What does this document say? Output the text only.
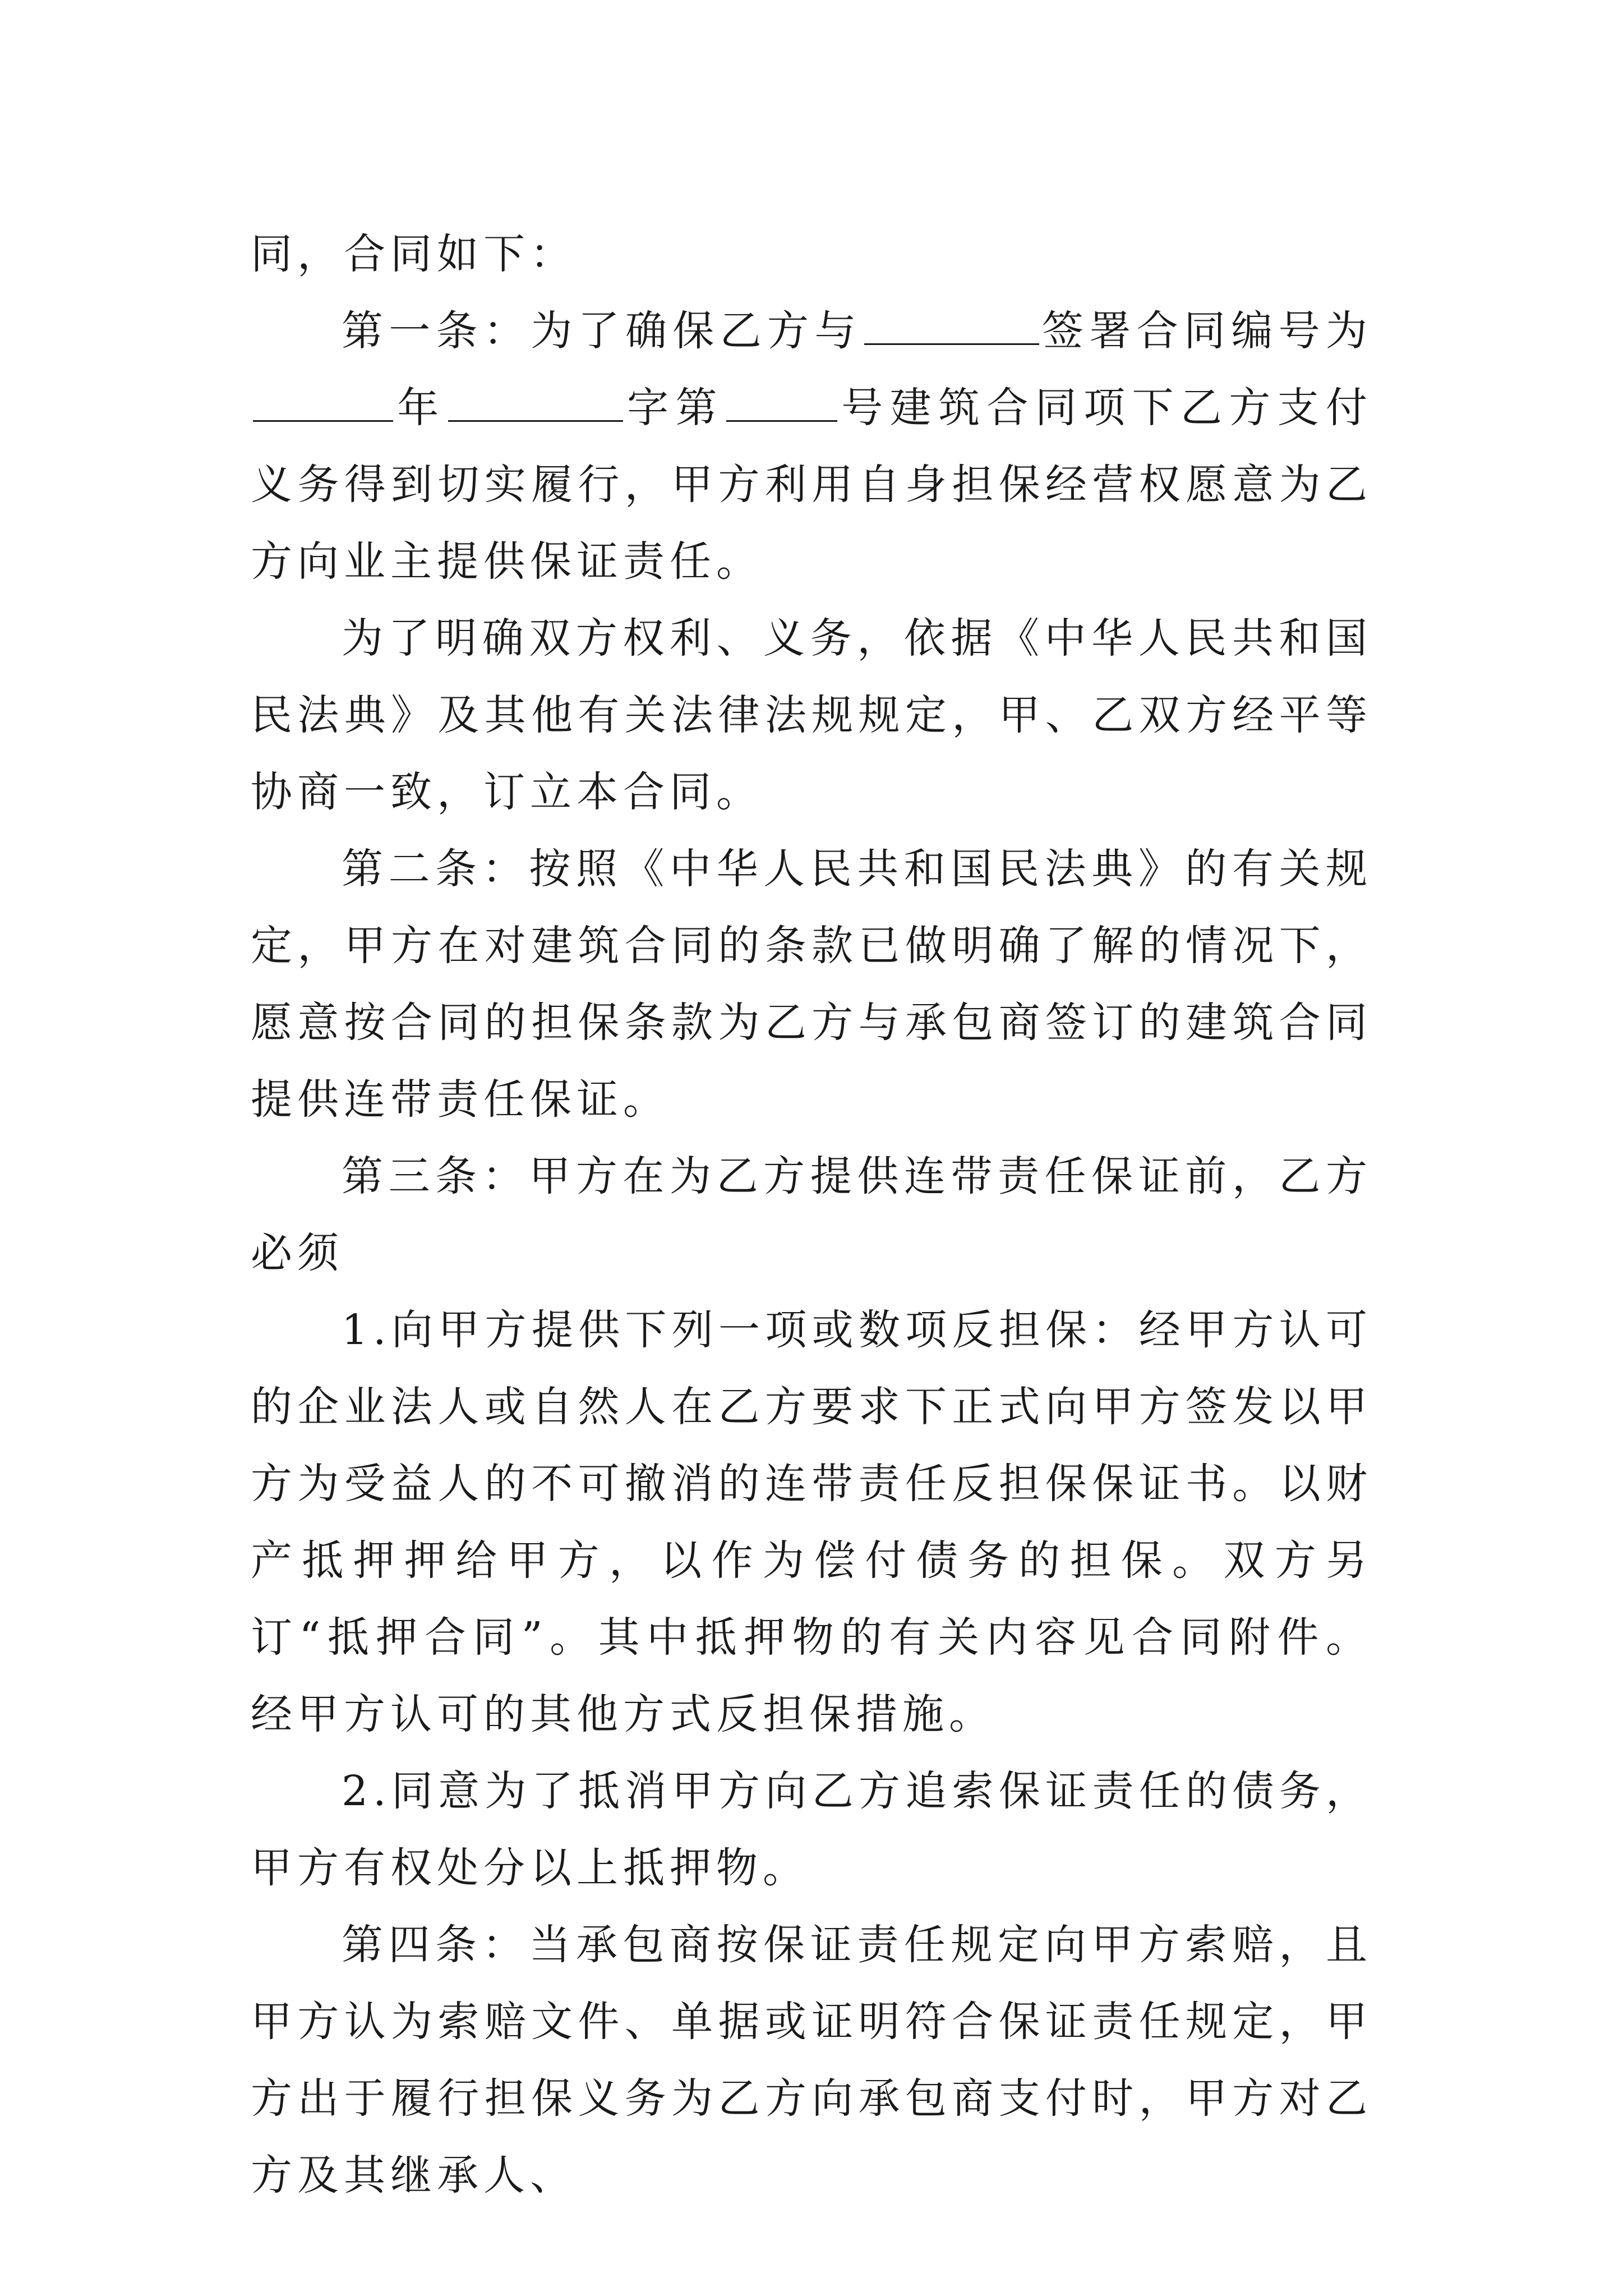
同，合同如下：

第一条：为了确保乙方与	签署合同编号为年	字第	号建筑合同项下乙方支付义务得到切实履行，甲方利用自身担保经营权愿意为乙方向业主提供保证责任。

为了明确双方权利、义务，依据《中华人民共和国民法典》及其他有关法律法规规定，甲、乙双方经平等协商一致，订立本合同。

第二条：按照《中华人民共和国民法典》的有关规定，甲方在对建筑合同的条款已做明确了解的情况下，愿意按合同的担保条款为乙方与承包商签订的建筑合同提供连带责任保证。

第三条：甲方在为乙方提供连带责任保证前，乙方必须

1.向甲方提供下列一项或数项反担保：经甲方认可的企业法人或自然人在乙方要求下正式向甲方签发以甲方为受益人的不可撤消的连带责任反担保保证书。以财产抵押押给甲方，以作为偿付债务的担保。双方另订“抵押合同”。其中抵押物的有关内容见合同附件。经甲方认可的其他方式反担保措施。

2.同意为了抵消甲方向乙方追索保证责任的债务，甲方有权处分以上抵押物。

第四条：当承包商按保证责任规定向甲方索赔，且甲方认为索赔文件、单据或证明符合保证责任规定，甲方出于履行担保义务为乙方向承包商支付时，甲方对乙方及其继承人、
